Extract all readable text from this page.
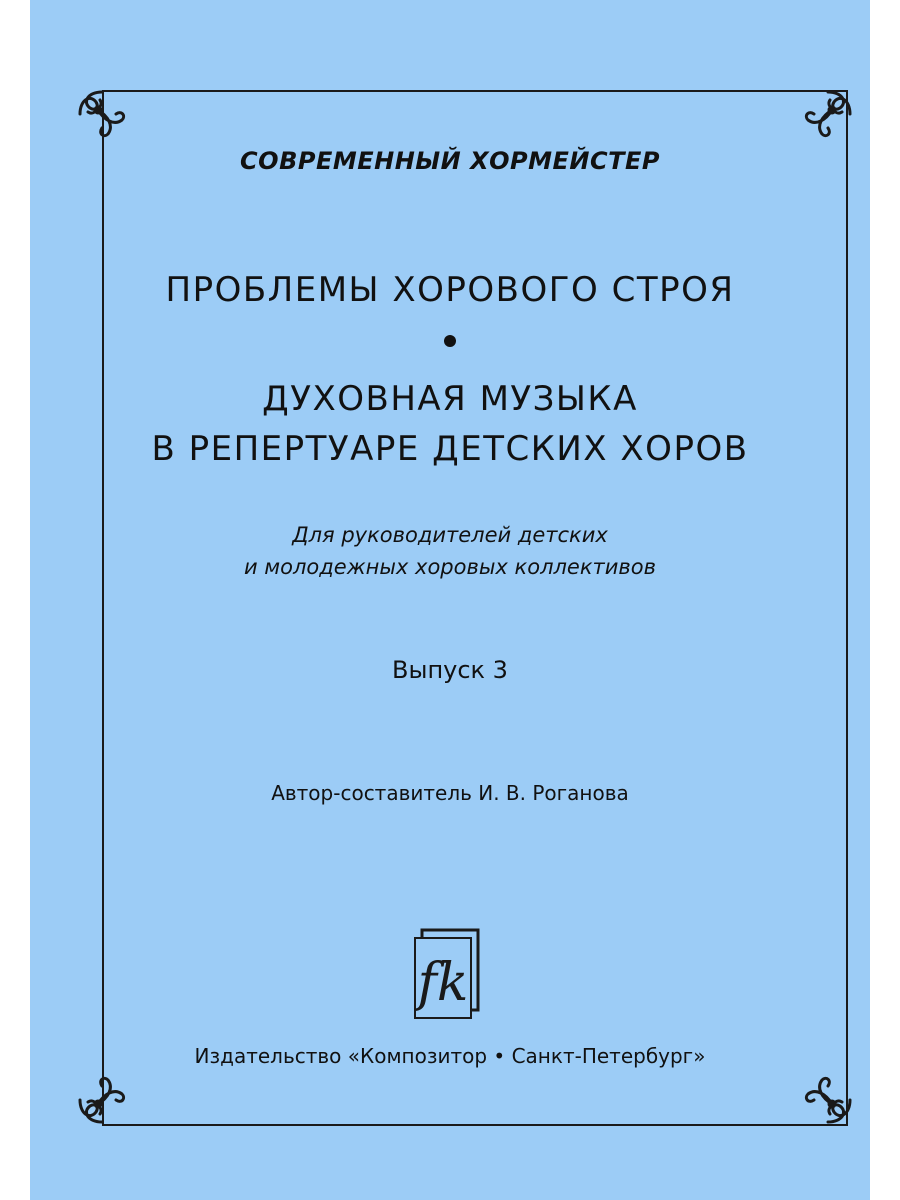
СОВРЕМЕННЫЙ ХОРМЕЙСТЕР
ПРОБЛЕМЫ ХОРОВОГО СТРОЯ
ДУХОВНАЯ МУЗЫКА
В РЕПЕРТУАРЕ ДЕТСКИХ ХОРОВ
Для руководителей детских
и молодежных хоровых коллективов
Выпуск 3
Автор-составитель И. В. Роганова
fk
Издательство «Композитор • Санкт-Петербург»
